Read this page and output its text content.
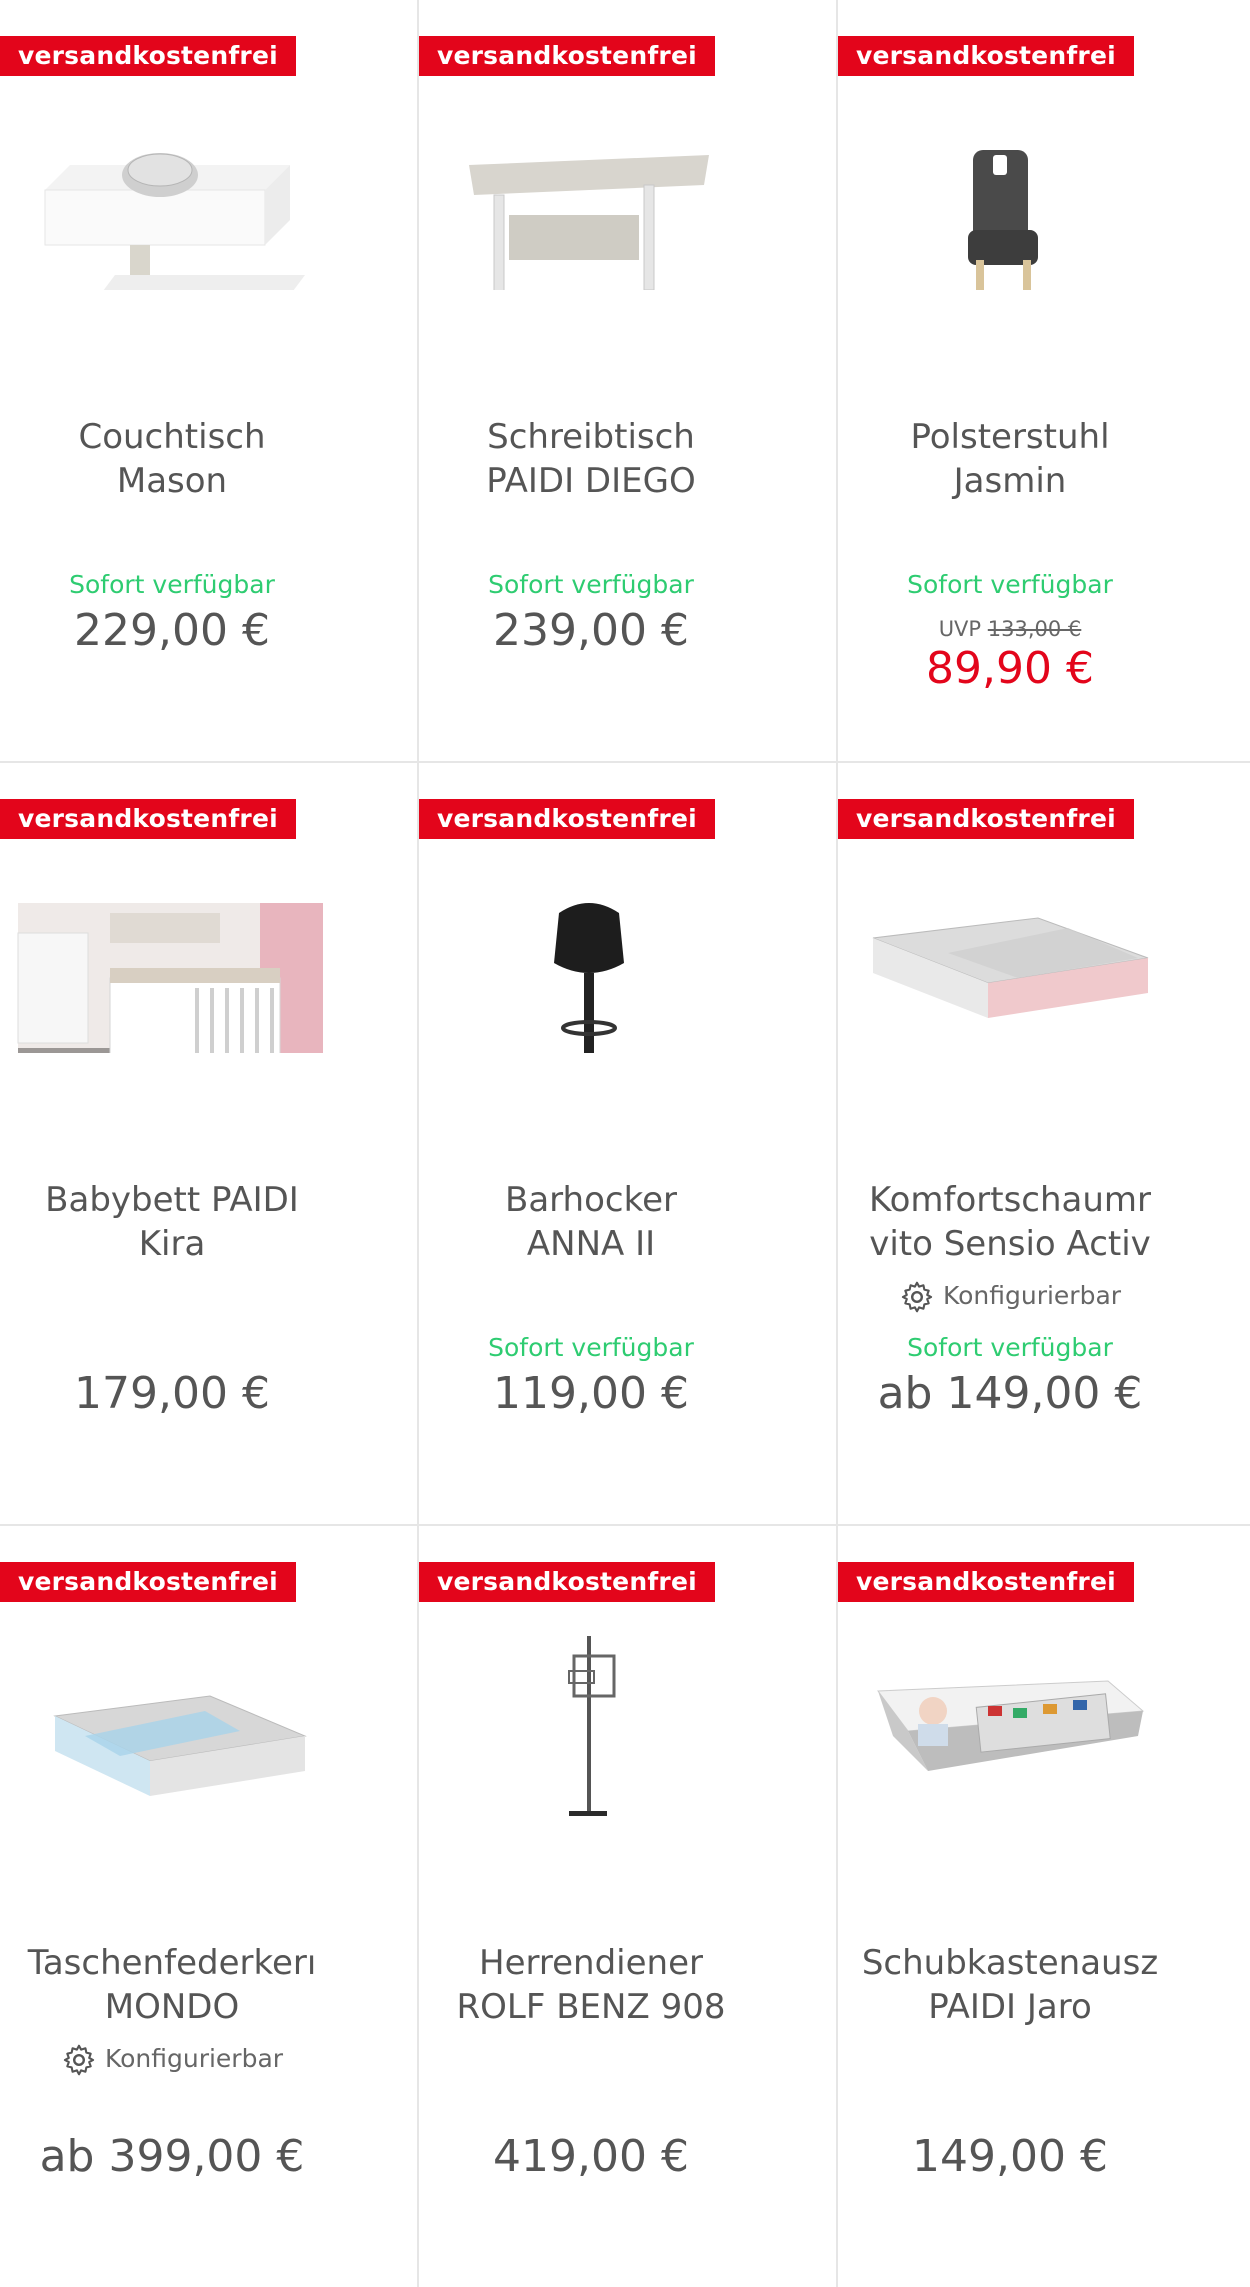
versandkostenfrei
Couchtisch
Mason
Sofort verfügbar
229,00 €
versandkostenfrei
Schreibtisch
PAIDI DIEGO
Sofort verfügbar
239,00 €
versandkostenfrei
Polsterstuhl
Jasmin
Sofort verfügbar
UVP 133,00 €
89,90 €
versandkostenfrei
Babybett PAIDI
Kira
179,00 €
versandkostenfrei
Barhocker
ANNA II
Sofort verfügbar
119,00 €
versandkostenfrei
Komfortschaumr
vito Sensio Activ
Konfigurierbar
Sofort verfügbar
ab 149,00 €
versandkostenfrei
Taschenfederkerı
MONDO
Konfigurierbar
ab 399,00 €
versandkostenfrei
Herrendiener
ROLF BENZ 908
419,00 €
versandkostenfrei
Schubkastenausz
PAIDI Jaro
149,00 €
